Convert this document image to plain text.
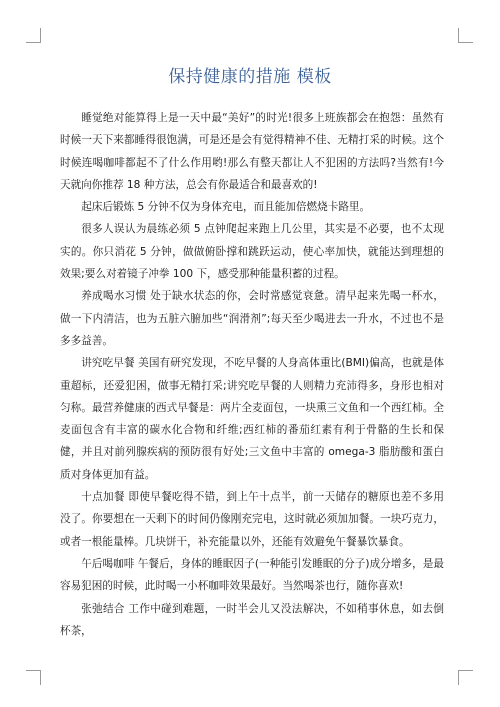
保持健康的措施 模板

睡觉绝对能算得上是一天中最“美好”的时光!很多上班族都会在抱怨：虽然有时候一天下来都睡得很饱满，可是还是会有觉得精神不佳、无精打采的时候。这个时候连喝咖啡都起不了什么作用哟!那么有整天都让人不犯困的方法吗?当然有!今天就向你推荐 18 种方法，总会有你最适合和最喜欢的!

起床后锻炼 5 分钟不仅为身体充电，而且能加倍燃烧卡路里。

很多人误认为晨练必须 5 点钟爬起来跑上几公里，其实是不必要，也不太现实的。你只消花 5 分钟，做做俯卧撑和跳跃运动，使心率加快，就能达到理想的效果;要么对着镜子冲拳 100 下，感受那种能量积蓄的过程。

养成喝水习惯 处于缺水状态的你，会时常感觉衰惫。清早起来先喝一杯水，做一下内清洁，也为五脏六腑加些“润滑剂”;每天至少喝进去一升水，不过也不是多多益善。

讲究吃早餐 美国有研究发现，不吃早餐的人身高体重比(BMI)偏高，也就是体重超标，还爱犯困，做事无精打采;讲究吃早餐的人则精力充沛得多，身形也相对匀称。最营养健康的西式早餐是：两片全麦面包，一块熏三文鱼和一个西红柿。全麦面包含有丰富的碳水化合物和纤维;西红柿的番茄红素有利于骨骼的生长和保健，并且对前列腺疾病的预防很有好处;三文鱼中丰富的 omega-3 脂肪酸和蛋白质对身体更加有益。

十点加餐 即使早餐吃得不错，到上午十点半，前一天储存的糖原也差不多用没了。你要想在一天剩下的时间仍像刚充完电，这时就必须加加餐。一块巧克力，或者一根能量棒。几块饼干，补充能量以外，还能有效避免午餐暴饮暴食。

午后喝咖啡 午餐后，身体的睡眠因子(一种能引发睡眠的分子)成分增多，是最容易犯困的时候，此时喝一小杯咖啡效果最好。当然喝茶也行，随你喜欢!

张弛结合 工作中碰到难题，一时半会儿又没法解决，不如稍事休息，如去倒杯茶，
